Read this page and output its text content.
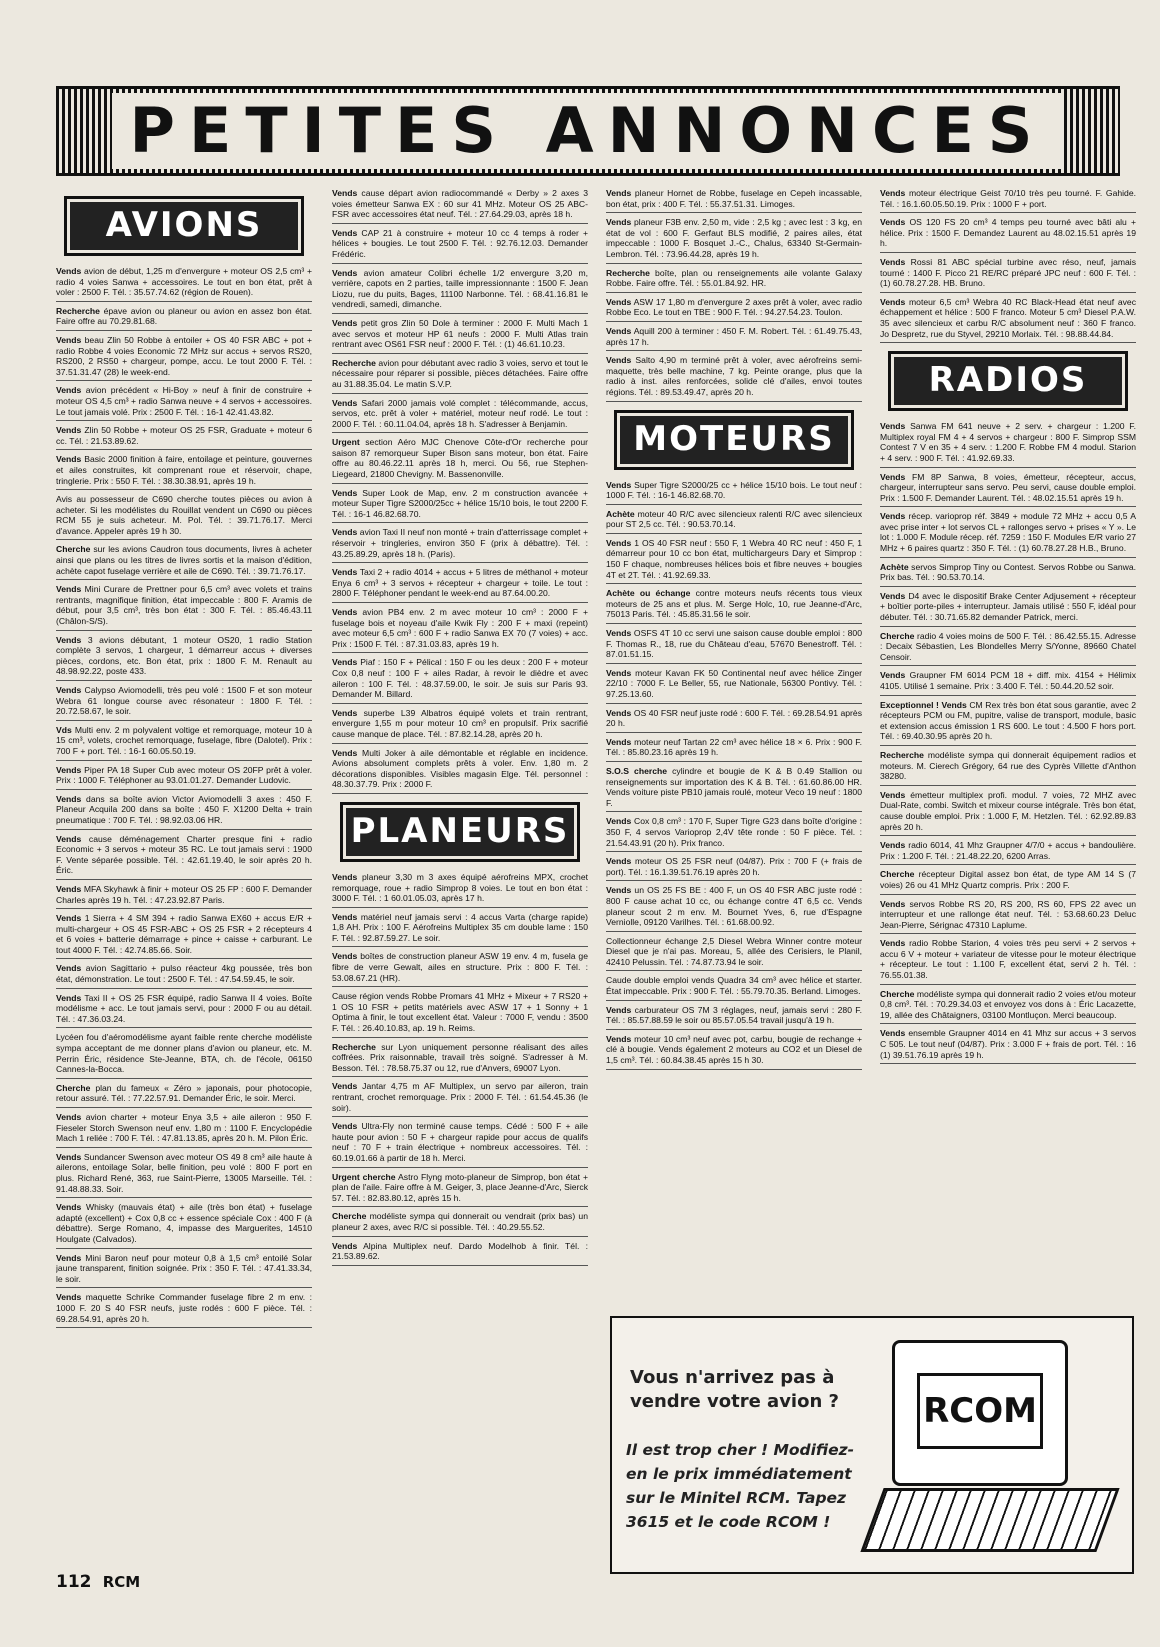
PETITES ANNONCES
AVIONS

Vends avion de début, 1,25 m d'envergure + moteur OS 2,5 cm³ + radio 4 voies Sanwa + accessoires. Le tout en bon état, prêt à voler : 2500 F. Tél. : 35.57.74.62 (région de Rouen).

Recherche épave avion ou planeur ou avion en assez bon état. Faire offre au 70.29.81.68.

Vends beau Zlin 50 Robbe à entoiler + OS 40 FSR ABC + pot + radio Robbe 4 voies Economic 72 MHz sur accus + servos RS20, RS200, 2 RS50 + chargeur, pompe, accu. Le tout 2000 F. Tél. : 37.51.31.47 (28) le week-end.

Vends avion précédent « Hi-Boy » neuf à finir de construire + moteur OS 4,5 cm³ + radio Sanwa neuve + 4 servos + accessoires. Le tout jamais volé. Prix : 2500 F. Tél. : 16-1 42.41.43.82.

Vends Zlin 50 Robbe + moteur OS 25 FSR, Graduate + moteur 6 cc. Tél. : 21.53.89.62.

Vends Basic 2000 finition à faire, entoilage et peinture, gouvernes et ailes construites, kit comprenant roue et réservoir, chape, tringlerie. Prix : 550 F. Tél. : 38.30.38.91, après 19 h.

Avis au possesseur de C690 cherche toutes pièces ou avion à acheter. Si les modélistes du Rouillat vendent un C690 ou pièces RCM 55 je suis acheteur. M. Pol. Tél. : 39.71.76.17. Merci d'avance. Appeler après 19 h 30.

Cherche sur les avions Caudron tous documents, livres à acheter ainsi que plans ou les titres de livres sortis et la maison d'édition, achète capot fuselage verrière et aile de C690. Tél. : 39.71.76.17.

Vends Mini Curare de Prettner pour 6,5 cm³ avec volets et trains rentrants, magnifique finition, état impeccable : 800 F. Aramis de début, pour 3,5 cm³, très bon état : 300 F. Tél. : 85.46.43.11 (Châlon-S/S).

Vends 3 avions débutant, 1 moteur OS20, 1 radio Station complète 3 servos, 1 chargeur, 1 démarreur accus + diverses pièces, cordons, etc. Bon état, prix : 1800 F. M. Renault au 48.98.92.22, poste 433.

Vends Calypso Aviomodelli, très peu volé : 1500 F et son moteur Webra 61 longue course avec résonateur : 1800 F. Tél. : 20.72.58.67, le soir.

Vds Multi env. 2 m polyvalent voltige et remorquage, moteur 10 à 15 cm³, volets, crochet remorquage, fuselage, fibre (Dalotel). Prix : 700 F + port. Tél. : 16-1 60.05.50.19.

Vends Piper PA 18 Super Cub avec moteur OS 20FP prêt à voler. Prix : 1000 F. Téléphoner au 93.01.01.27. Demander Ludovic.

Vends dans sa boîte avion Victor Aviomodelli 3 axes : 450 F. Planeur Acquila 200 dans sa boîte : 450 F. X1200 Delta + train pneumatique : 700 F. Tél. : 98.92.03.06 HR.

Vends cause déménagement Charter presque fini + radio Economic + 3 servos + moteur 35 RC. Le tout jamais servi : 1900 F. Vente séparée possible. Tél. : 42.61.19.40, le soir après 20 h. Éric.

Vends MFA Skyhawk à finir + moteur OS 25 FP : 600 F. Demander Charles après 19 h. Tél. : 47.23.92.87 Paris.

Vends 1 Sierra + 4 SM 394 + radio Sanwa EX60 + accus E/R + multi-chargeur + OS 45 FSR-ABC + OS 25 FSR + 2 récepteurs 4 et 6 voies + batterie démarrage + pince + caisse + carburant. Le tout 4000 F. Tél. : 42.74.85.66. Soir.

Vends avion Sagittario + pulso réacteur 4kg poussée, très bon état, démonstration. Le tout : 2500 F. Tél. : 47.54.59.45, le soir.

Vends Taxi II + OS 25 FSR équipé, radio Sanwa II 4 voies. Boîte modélisme + acc. Le tout jamais servi, pour : 2000 F ou au détail. Tél. : 47.36.03.24.

Lycéen fou d'aéromodélisme ayant faible rente cherche modéliste sympa acceptant de me donner plans d'avion ou planeur, etc. M. Perrin Éric, résidence Ste-Jeanne, BTA, ch. de l'école, 06150 Cannes-la-Bocca.

Cherche plan du fameux « Zéro » japonais, pour photocopie, retour assuré. Tél. : 77.22.57.91. Demander Éric, le soir. Merci.

Vends avion charter + moteur Enya 3,5 + aile aileron : 950 F. Fieseler Storch Swenson neuf env. 1,80 m : 1100 F. Encyclopédie Mach 1 reliée : 700 F. Tél. : 47.81.13.85, après 20 h. M. Pilon Éric.

Vends Sundancer Swenson avec moteur OS 49 8 cm³ aile haute à ailerons, entoilage Solar, belle finition, peu volé : 800 F port en plus. Richard René, 363, rue Saint-Pierre, 13005 Marseille. Tél. : 91.48.88.33. Soir.

Vends Whisky (mauvais état) + aile (très bon état) + fuselage adapté (excellent) + Cox 0,8 cc + essence spéciale Cox : 400 F (à débattre). Serge Romano, 4, impasse des Marguerites, 14510 Houlgate (Calvados).

Vends Mini Baron neuf pour moteur 0,8 à 1,5 cm³ entoilé Solar jaune transparent, finition soignée. Prix : 350 F. Tél. : 47.41.33.34, le soir.

Vends maquette Schrike Commander fuselage fibre 2 m env. : 1000 F. 20 S 40 FSR neufs, juste rodés : 600 F pièce. Tél. : 69.28.54.91, après 20 h.

Vends cause départ avion radiocommandé « Derby » 2 axes 3 voies émetteur Sanwa EX : 60 sur 41 MHz. Moteur OS 25 ABC-FSR avec accessoires état neuf. Tél. : 27.64.29.03, après 18 h.

Vends CAP 21 à construire + moteur 10 cc 4 temps à roder + hélices + bougies. Le tout 2500 F. Tél. : 92.76.12.03. Demander Frédéric.

Vends avion amateur Colibri échelle 1/2 envergure 3,20 m, verrière, capots en 2 parties, taille impressionnante : 1500 F. Jean Liozu, rue du puits, Bages, 11100 Narbonne. Tél. : 68.41.16.81 le vendredi, samedi, dimanche.

Vends petit gros Zlin 50 Dole à terminer : 2000 F. Multi Mach 1 avec servos et moteur HP 61 neufs : 2000 F. Multi Atlas train rentrant avec OS61 FSR neuf : 2000 F. Tél. : (1) 46.61.10.23.

Recherche avion pour débutant avec radio 3 voies, servo et tout le nécessaire pour réparer si possible, pièces détachées. Faire offre au 31.88.35.04. Le matin S.V.P.

Vends Safari 2000 jamais volé complet : télécommande, accus, servos, etc. prêt à voler + matériel, moteur neuf rodé. Le tout : 2000 F. Tél. : 60.11.04.04, après 18 h. S'adresser à Benjamin.

Urgent section Aéro MJC Chenove Côte-d'Or recherche pour saison 87 remorqueur Super Bison sans moteur, bon état. Faire offre au 80.46.22.11 après 18 h, merci. Ou 56, rue Stephen-Liegeard, 21800 Chevigny. M. Bassenonville.

Vends Super Look de Map, env. 2 m construction avancée + moteur Super Tigre S2000/25cc + hélice 15/10 bois, le tout 2200 F. Tél. : 16-1 46.82.68.70.

Vends avion Taxi II neuf non monté + train d'atterrissage complet + réservoir + tringleries, environ 350 F (prix à débattre). Tél. : 43.25.89.29, après 18 h. (Paris).

Vends Taxi 2 + radio 4014 + accus + 5 litres de méthanol + moteur Enya 6 cm³ + 3 servos + récepteur + chargeur + toile. Le tout : 2800 F. Téléphoner pendant le week-end au 87.64.00.20.

Vends avion PB4 env. 2 m avec moteur 10 cm³ : 2000 F + fuselage bois et noyeau d'aile Kwik Fly : 200 F + maxi (repeint) avec moteur 6,5 cm³ : 600 F + radio Sanwa EX 70 (7 voies) + acc. Prix : 1500 F. Tél. : 87.31.03.83, après 19 h.

Vends Piaf : 150 F + Pélical : 150 F ou les deux : 200 F + moteur Cox 0,8 neuf : 100 F + ailes Radar, à revoir le dièdre et avec aileron : 100 F. Tél. : 48.37.59.00, le soir. Je suis sur Paris 93. Demander M. Billard.

Vends superbe L39 Albatros équipé volets et train rentrant, envergure 1,55 m pour moteur 10 cm³ en propulsif. Prix sacrifié cause manque de place. Tél. : 87.82.14.28, après 20 h.

Vends Multi Joker à aile démontable et réglable en incidence. Avions absolument complets prêts à voler. Env. 1,80 m. 2 décorations disponibles. Visibles magasin Elge. Tél. personnel : 48.30.37.79. Prix : 2000 F.

PLANEURS

Vends planeur 3,30 m 3 axes équipé aérofreins MPX, crochet remorquage, roue + radio Simprop 8 voies. Le tout en bon état : 3000 F. Tél. : 1 60.01.05.03, après 17 h.

Vends matériel neuf jamais servi : 4 accus Varta (charge rapide) 1,8 AH. Prix : 100 F. Aérofreins Multiplex 35 cm double lame : 150 F. Tél. : 92.87.59.27. Le soir.

Vends boîtes de construction planeur ASW 19 env. 4 m, fusela ge fibre de verre Gewalt, ailes en structure. Prix : 800 F. Tél. : 53.08.67.21 (HR).

Cause région vends Robbe Promars 41 MHz + Mixeur + 7 RS20 + 1 OS 10 FSR + petits matériels avec ASW 17 + 1 Sonny + 1 Optima à finir, le tout excellent état. Valeur : 7000 F, vendu : 3500 F. Tél. : 26.40.10.83, ap. 19 h. Reims.

Recherche sur Lyon uniquement personne réalisant des ailes coffrées. Prix raisonnable, travail très soigné. S'adresser à M. Besson. Tél. : 78.58.75.37 ou 12, rue d'Anvers, 69007 Lyon.

Vends Jantar 4,75 m AF Multiplex, un servo par aileron, train rentrant, crochet remorquage. Prix : 2000 F. Tél. : 61.54.45.36 (le soir).

Vends Ultra-Fly non terminé cause temps. Cédé : 500 F + aile haute pour avion : 50 F + chargeur rapide pour accus de qualifs neuf : 70 F + train électrique + nombreux accessoires. Tél. : 60.19.01.66 à partir de 18 h. Merci.

Urgent cherche Astro Flyng moto-planeur de Simprop, bon état + plan de l'aile. Faire offre à M. Geiger, 3, place Jeanne-d'Arc, Sierck 57. Tél. : 82.83.80.12, après 15 h.

Cherche modéliste sympa qui donnerait ou vendrait (prix bas) un planeur 2 axes, avec R/C si possible. Tél. : 40.29.55.52.

Vends Alpina Multiplex neuf. Dardo Modelhob à finir. Tél. : 21.53.89.62.

Vends planeur Hornet de Robbe, fuselage en Cepeh incassable, bon état, prix : 400 F. Tél. : 55.37.51.31. Limoges.

Vends planeur F3B env. 2,50 m, vide : 2,5 kg ; avec lest : 3 kg, en état de vol : 600 F. Gerfaut BLS modifié, 2 paires ailes, état impeccable : 1000 F. Bosquet J.-C., Chalus, 63340 St-Germain-Lembron. Tél. : 73.96.44.28, après 19 h.

Recherche boîte, plan ou renseignements aile volante Galaxy Robbe. Faire offre. Tél. : 55.01.84.92. HR.

Vends ASW 17 1,80 m d'envergure 2 axes prêt à voler, avec radio Robbe Eco. Le tout en TBE : 900 F. Tél. : 94.27.54.23. Toulon.

Vends Aquill 200 à terminer : 450 F. M. Robert. Tél. : 61.49.75.43, après 17 h.

Vends Salto 4,90 m terminé prêt à voler, avec aérofreins semi-maquette, très belle machine, 7 kg. Peinte orange, plus que la radio à inst. ailes renforcées, solide clé d'ailes, envoi toutes régions. Tél. : 89.53.49.47, après 20 h.

MOTEURS

Vends Super Tigre S2000/25 cc + hélice 15/10 bois. Le tout neuf : 1000 F. Tél. : 16-1 46.82.68.70.

Achète moteur 40 R/C avec silencieux ralenti R/C avec silencieux pour ST 2,5 cc. Tél. : 90.53.70.14.

Vends 1 OS 40 FSR neuf : 550 F, 1 Webra 40 RC neuf : 450 F, 1 démarreur pour 10 cc bon état, multichargeurs Dary et Simprop : 150 F chaque, nombreuses hélices bois et fibre neuves + bougies 4T et 2T. Tél. : 41.92.69.33.

Achète ou échange contre moteurs neufs récents tous vieux moteurs de 25 ans et plus. M. Serge Holc, 10, rue Jeanne-d'Arc, 75013 Paris. Tél. : 45.85.31.56 le soir.

Vends OSFS 4T 10 cc servi une saison cause double emploi : 800 F. Thomas R., 18, rue du Château d'eau, 57670 Benestroff. Tél. : 87.01.51.15.

Vends moteur Kavan FK 50 Continental neuf avec hélice Zinger 22/10 : 7000 F. Le Beller, 55, rue Nationale, 56300 Pontivy. Tél. : 97.25.13.60.

Vends OS 40 FSR neuf juste rodé : 600 F. Tél. : 69.28.54.91 après 20 h.

Vends moteur neuf Tartan 22 cm³ avec hélice 18 × 6. Prix : 900 F. Tél. : 85.80.23.16 après 19 h.

S.O.S cherche cylindre et bougie de K & B 0.49 Stallion ou renseignements sur importation des K & B. Tél. : 61.60.86.00 HR. Vends voiture piste PB10 jamais roulé, moteur Veco 19 neuf : 1800 F.

Vends Cox 0,8 cm³ : 170 F, Super Tigre G23 dans boîte d'origine : 350 F, 4 servos Varioprop 2,4V tête ronde : 50 F pièce. Tél. : 21.54.43.91 (20 h). Prix franco.

Vends moteur OS 25 FSR neuf (04/87). Prix : 700 F (+ frais de port). Tél. : 16.1.39.51.76.19 après 20 h.

Vends un OS 25 FS BE : 400 F, un OS 40 FSR ABC juste rodé : 800 F cause achat 10 cc, ou échange contre 4T 6,5 cc. Vends planeur scout 2 m env. M. Bournet Yves, 6, rue d'Espagne Verniolle, 09120 Varilhes. Tél. : 61.68.00.92.

Collectionneur échange 2,5 Diesel Webra Winner contre moteur Diesel que je n'ai pas. Moreau, 5, allée des Cerisiers, le Planil, 42410 Pelussin. Tél. : 74.87.73.94 le soir.

Caude double emploi vends Quadra 34 cm³ avec hélice et starter. État impeccable. Prix : 900 F. Tél. : 55.79.70.35. Berland. Limoges.

Vends carburateur OS 7M 3 réglages, neuf, jamais servi : 280 F. Tél. : 85.57.88.59 le soir ou 85.57.05.54 travail jusqu'à 19 h.

Vends moteur 10 cm³ neuf avec pot, carbu, bougie de rechange + clé à bougie. Vends également 2 moteurs au CO2 et un Diesel de 1,5 cm³. Tél. : 60.84.38.45 après 15 h 30.

Vends moteur électrique Geist 70/10 très peu tourné. F. Gahide. Tél. : 16.1.60.05.50.19. Prix : 1000 F + port.

Vends OS 120 FS 20 cm³ 4 temps peu tourné avec bâti alu + hélice. Prix : 1500 F. Demandez Laurent au 48.02.15.51 après 19 h.

Vends Rossi 81 ABC spécial turbine avec réso, neuf, jamais tourné : 1400 F. Picco 21 RE/RC préparé JPC neuf : 600 F. Tél. : (1) 60.78.27.28. HB. Bruno.

Vends moteur 6,5 cm³ Webra 40 RC Black-Head état neuf avec échappement et hélice : 500 F franco. Moteur 5 cm³ Diesel P.A.W. 35 avec silencieux et carbu R/C absolument neuf : 360 F franco. Jo Despretz, rue du Styvel, 29210 Morlaix. Tél. : 98.88.44.84.

RADIOS

Vends Sanwa FM 641 neuve + 2 serv. + chargeur : 1.200 F. Multiplex royal FM 4 + 4 servos + chargeur : 800 F. Simprop SSM Contest 7 V en 35 + 4 serv. : 1.200 F. Robbe FM 4 modul. Starion + 4 serv. : 900 F. Tél. : 41.92.69.33.

Vends FM 8P Sanwa, 8 voies, émetteur, récepteur, accus, chargeur, interrupteur sans servo. Peu servi, cause double emploi. Prix : 1.500 F. Demander Laurent. Tél. : 48.02.15.51 après 19 h.

Vends récep. varioprop réf. 3849 + module 72 MHz + accu 0,5 A avec prise inter + lot servos CL + rallonges servo + prises « Y ». Le lot : 1.000 F. Module récep. réf. 7259 : 150 F. Modules E/R vario 27 MHz + 6 paires quartz : 350 F. Tél. : (1) 60.78.27.28 H.B., Bruno.

Achète servos Simprop Tiny ou Contest. Servos Robbe ou Sanwa. Prix bas. Tél. : 90.53.70.14.

Vends D4 avec le dispositif Brake Center Adjusement + récepteur + boîtier porte-piles + interrupteur. Jamais utilisé : 550 F, idéal pour débuter. Tél. : 30.71.65.82 demander Patrick, merci.

Cherche radio 4 voies moins de 500 F. Tél. : 86.42.55.15. Adresse : Decaix Sébastien, Les Blondelles Merry S/Yonne, 89660 Chatel Censoir.

Vends Graupner FM 6014 PCM 18 + diff. mix. 4154 + Hélimix 4105. Utilisé 1 semaine. Prix : 3.400 F. Tél. : 50.44.20.52 soir.

Exceptionnel ! Vends CM Rex très bon état sous garantie, avec 2 récepteurs PCM ou FM, pupitre, valise de transport, module, basic et extension accus émission 1 RS 600. Le tout : 4.500 F hors port. Tél. : 69.40.30.95 après 20 h.

Recherche modéliste sympa qui donnerait équipement radios et moteurs. M. Cierech Grégory, 64 rue des Cyprès Villette d'Anthon 38280.

Vends émetteur multiplex profi. modul. 7 voies, 72 MHZ avec Dual-Rate, combi. Switch et mixeur course intégrale. Très bon état, cause double emploi. Prix : 1.000 F, M. Hetzlen. Tél. : 62.92.89.83 après 20 h.

Vends radio 6014, 41 Mhz Graupner 4/7/0 + accus + bandoulière. Prix : 1.200 F. Tél. : 21.48.22.20, 6200 Arras.

Cherche récepteur Digital assez bon état, de type AM 14 S (7 voies) 26 ou 41 MHz Quartz compris. Prix : 200 F.

Vends servos Robbe RS 20, RS 200, RS 60, FPS 22 avec un interrupteur et une rallonge état neuf. Tél. : 53.68.60.23 Deluc Jean-Pierre, Sérignac 47310 Laplume.

Vends radio Robbe Starion, 4 voies très peu servi + 2 servos + accu 6 V + moteur + variateur de vitesse pour le moteur électrique + récepteur. Le tout : 1.100 F, excellent état, servi 2 h. Tél. : 76.55.01.38.

Cherche modéliste sympa qui donnerait radio 2 voies et/ou moteur 0,8 cm³. Tél. : 70.29.34.03 et envoyez vos dons à : Éric Lacazette, 19, allée des Châtaigners, 03100 Montluçon. Merci beaucoup.

Vends ensemble Graupner 4014 en 41 Mhz sur accus + 3 servos C 505. Le tout neuf (04/87). Prix : 3.000 F + frais de port. Tél. : 16 (1) 39.51.76.19 après 19 h.

Vous n'arrivez pas à vendre votre avion ?
Il est trop cher ! Modifiez-en le prix immédiatement sur le Minitel RCM. Tapez 3615 et le code RCOM !
RCOM
112 RCM
